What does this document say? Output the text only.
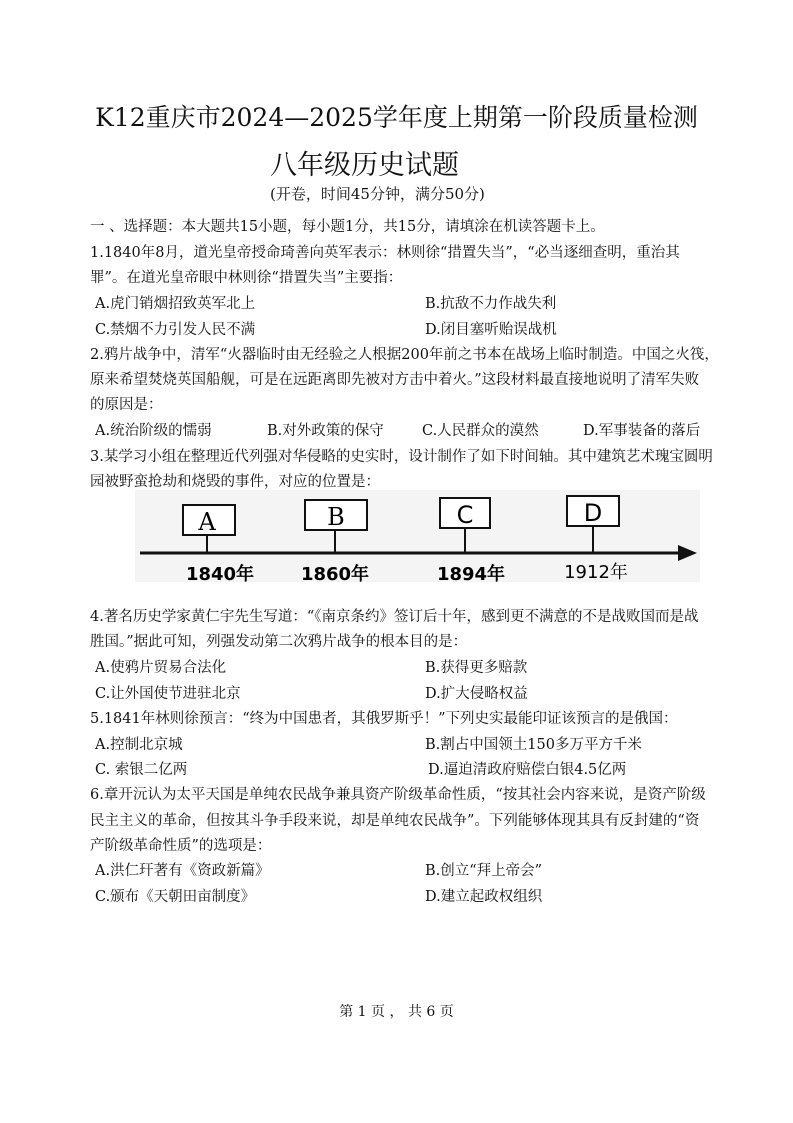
K12重庆市2024—2025学年度上期第一阶段质量检测
八年级历史试题
(开卷，时间45分钟，满分50分)
一 、选择题：本大题共15小题，每小题1分，共15分，请填涂在机读答题卡上。
1.1840年8月，道光皇帝授命琦善向英军表示：林则徐“措置失当”，“必当逐细查明，重治其
罪”。在道光皇帝眼中林则徐“措置失当”主要指：
A.虎门销烟招致英军北上	B.抗敌不力作战失利
C.禁烟不力引发人民不满	D.闭目塞听贻误战机
2.鸦片战争中，清军“火器临时由无经验之人根据200年前之书本在战场上临时制造。中国之火筏，
原来希望焚烧英国船舰，可是在远距离即先被对方击中着火。”这段材料最直接地说明了清军失败
的原因是：
A.统治阶级的懦弱	B.对外政策的保守	C.人民群众的漠然	D.军事装备的落后
3.某学习小组在整理近代列强对华侵略的史实时，设计制作了如下时间轴。其中建筑艺术瑰宝圆明
园被野蛮抢劫和烧毁的事件，对应的位置是：
A	B	C	D
1840年	1860年	1894年	1912年
4.著名历史学家黄仁宇先生写道：“《南京条约》签订后十年，感到更不满意的不是战败国而是战
胜国。”据此可知，列强发动第二次鸦片战争的根本目的是：
A.使鸦片贸易合法化	B.获得更多赔款
C.让外国使节进驻北京	D.扩大侵略权益
5.1841年林则徐预言：“终为中国患者，其俄罗斯乎！”下列史实最能印证该预言的是俄国：
A.控制北京城	B.割占中国领土150多万平方千米
C. 索银二亿两	D.逼迫清政府赔偿白银4.5亿两
6.章开沅认为太平天国是单纯农民战争兼具资产阶级革命性质，“按其社会内容来说，是资产阶级
民主主义的革命，但按其斗争手段来说，却是单纯农民战争”。下列能够体现其具有反封建的“资
产阶级革命性质”的选项是：
A.洪仁玕著有《资政新篇》	B.创立“拜上帝会”
C.颁布《天朝田亩制度》	D.建立起政权组织
第 1 页 ， 共 6 页
